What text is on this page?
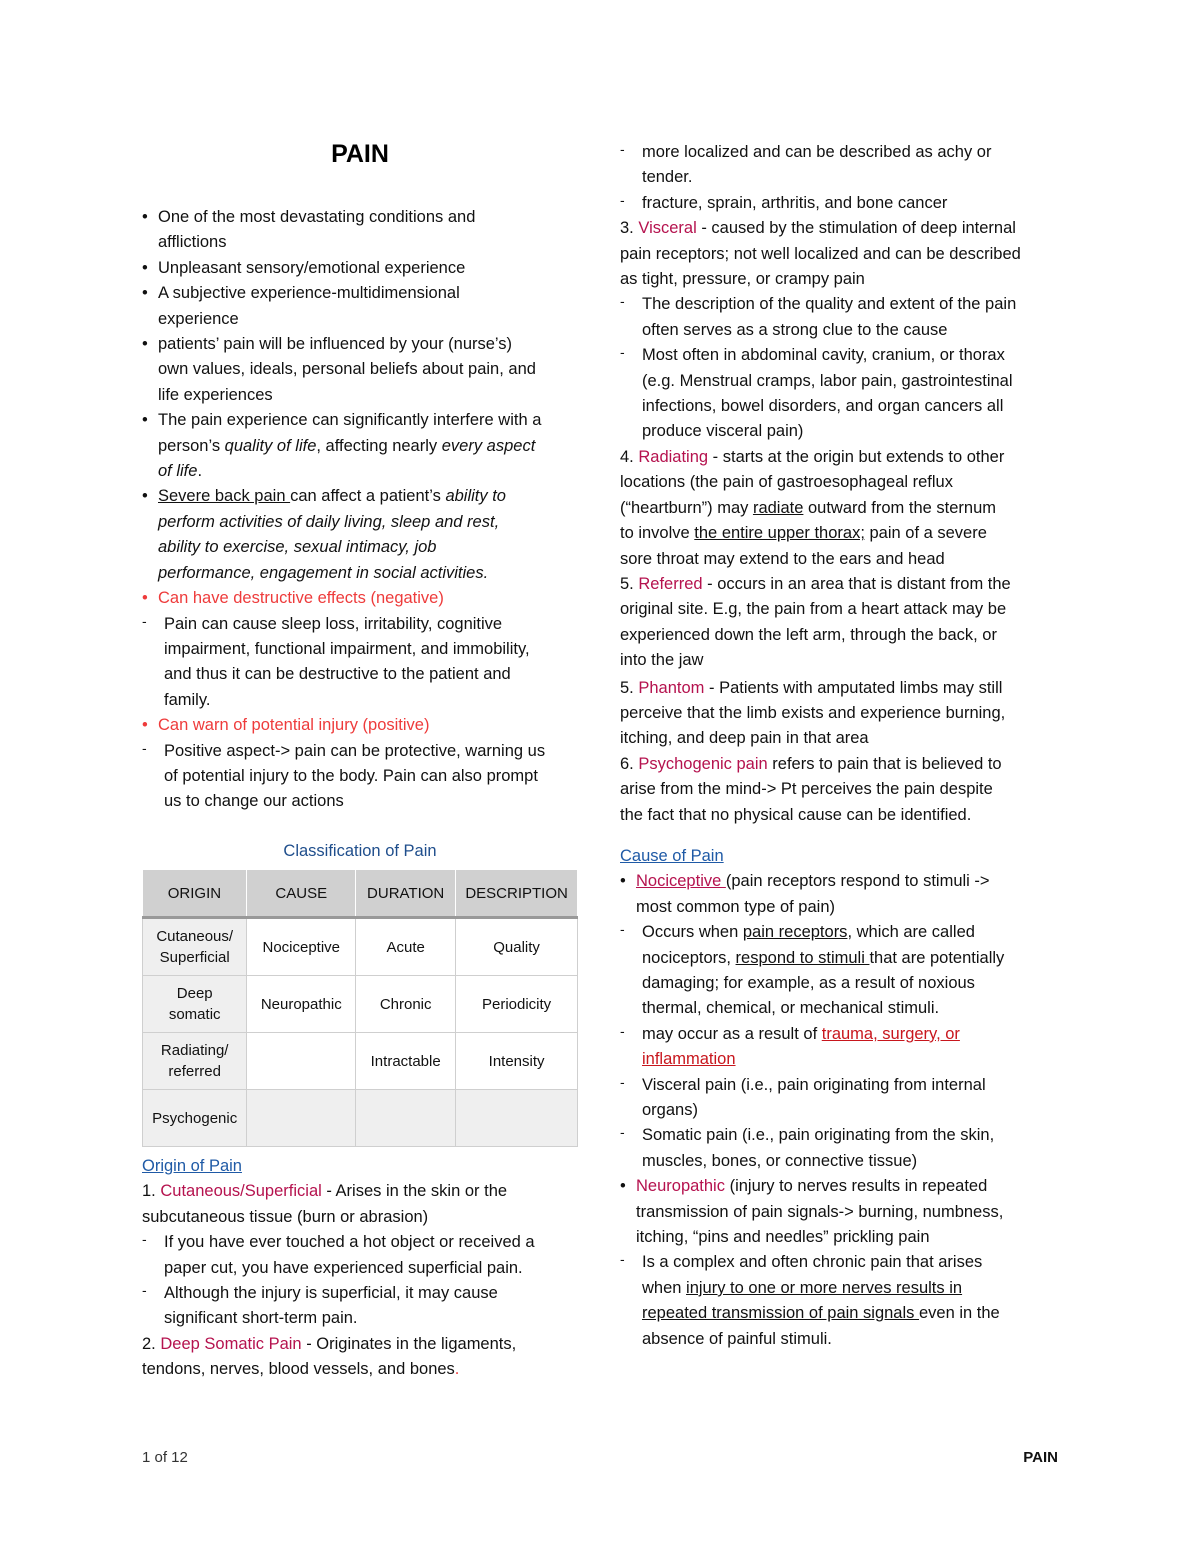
PAIN
• One of the most devastating conditions and
afflictions
• Unpleasant sensory/emotional experience
• A subjective experience-multidimensional
experience
• patients’ pain will be influenced by your (nurse’s)
own values, ideals, personal beliefs about pain, and
life experiences
• The pain experience can significantly interfere with a
person’s quality of life, affecting nearly every aspect
of life.
• Severe back pain can affect a patient’s ability to
perform activities of daily living, sleep and rest,
ability to exercise, sexual intimacy, job
performance, engagement in social activities.
• Can have destructive effects (negative)
‐ Pain can cause sleep loss, irritability, cognitive
impairment, functional impairment, and immobility,
and thus it can be destructive to the patient and
family.
• Can warn of potential injury (positive)
‐ Positive aspect-> pain can be protective, warning us
of potential injury to the body. Pain can also prompt
us to change our actions
Classification of Pain
ORIGIN	CAUSE	DURATION	DESCRIPTION
Cutaneous/
Superficial	Nociceptive	Acute	Quality
Deep
somatic	Neuropathic	Chronic	Periodicity
Radiating/
referred		Intractable	Intensity
Psychogenic			
Origin of Pain
1. Cutaneous/Superficial - Arises in the skin or the
subcutaneous tissue (burn or abrasion)
‐ If you have ever touched a hot object or received a
paper cut, you have experienced superficial pain.
‐ Although the injury is superficial, it may cause
significant short-term pain.
2. Deep Somatic Pain - Originates in the ligaments,
tendons, nerves, blood vessels, and bones.
‐ more localized and can be described as achy or
tender.
‐ fracture, sprain, arthritis, and bone cancer
3. Visceral - caused by the stimulation of deep internal
pain receptors; not well localized and can be described
as tight, pressure, or crampy pain
‐ The description of the quality and extent of the pain
often serves as a strong clue to the cause
‐ Most often in abdominal cavity, cranium, or thorax
(e.g. Menstrual cramps, labor pain, gastrointestinal
infections, bowel disorders, and organ cancers all
produce visceral pain)
4. Radiating - starts at the origin but extends to other
locations (the pain of gastroesophageal reflux
(“heartburn”) may radiate outward from the sternum
to involve the entire upper thorax; pain of a severe
sore throat may extend to the ears and head
5. Referred - occurs in an area that is distant from the
original site. E.g, the pain from a heart attack may be
experienced down the left arm, through the back, or
into the jaw
5. Phantom - Patients with amputated limbs may still
perceive that the limb exists and experience burning,
itching, and deep pain in that area
6. Psychogenic pain refers to pain that is believed to
arise from the mind-> Pt perceives the pain despite
the fact that no physical cause can be identified.
Cause of Pain
• Nociceptive (pain receptors respond to stimuli ->
most common type of pain)
‐ Occurs when pain receptors, which are called
nociceptors, respond to stimuli that are potentially
damaging; for example, as a result of noxious
thermal, chemical, or mechanical stimuli.
‐ may occur as a result of trauma, surgery, or
inflammation
‐ Visceral pain (i.e., pain originating from internal
organs)
‐ Somatic pain (i.e., pain originating from the skin,
muscles, bones, or connective tissue)
• Neuropathic (injury to nerves results in repeated
transmission of pain signals-> burning, numbness,
itching, “pins and needles” prickling pain
‐ Is a complex and often chronic pain that arises
when injury to one or more nerves results in
repeated transmission of pain signals even in the
absence of painful stimuli.
1 of 12	PAIN
